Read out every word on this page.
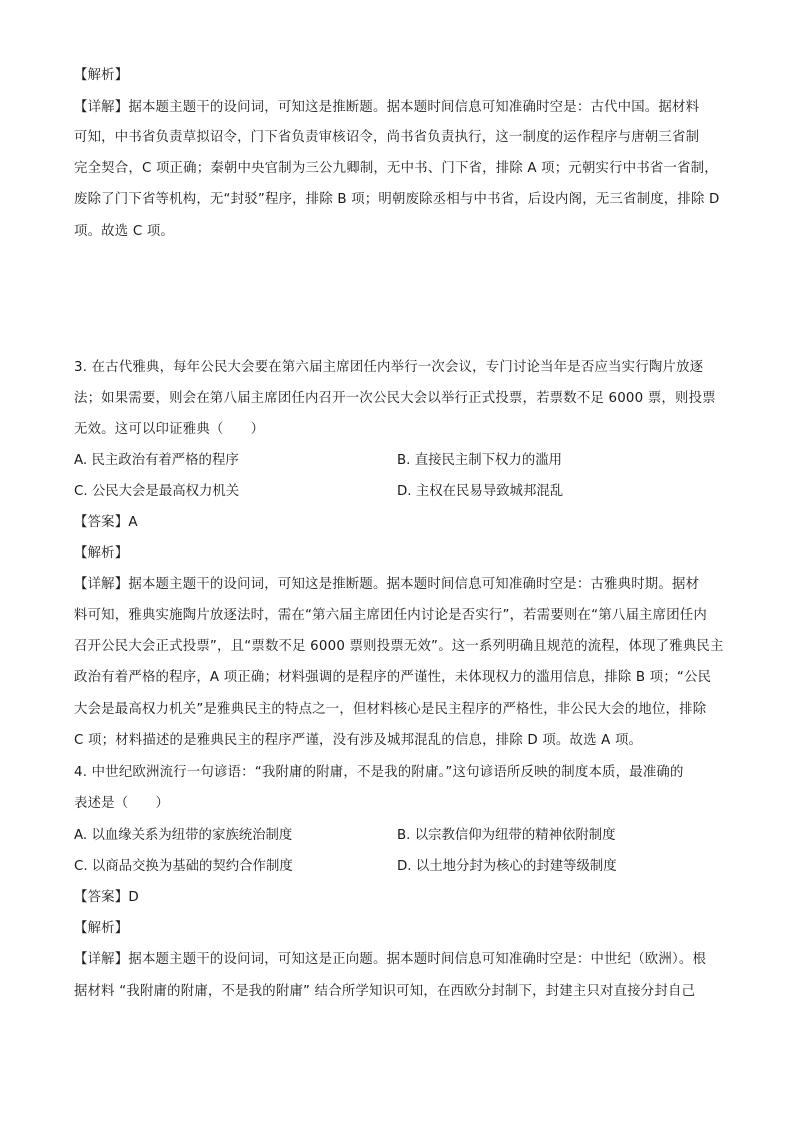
【解析】
【详解】据本题主题干的设问词，可知这是推断题。据本题时间信息可知准确时空是：古代中国。据材料
可知，中书省负责草拟诏令，门下省负责审核诏令，尚书省负责执行，这一制度的运作程序与唐朝三省制
完全契合，C 项正确；秦朝中央官制为三公九卿制，无中书、门下省，排除 A 项；元朝实行中书省一省制，
废除了门下省等机构，无“封驳”程序，排除 B 项；明朝废除丞相与中书省，后设内阁，无三省制度，排除 D
项。故选 C 项。
3. 在古代雅典，每年公民大会要在第六届主席团任内举行一次会议，专门讨论当年是否应当实行陶片放逐
法；如果需要，则会在第八届主席团任内召开一次公民大会以举行正式投票，若票数不足 6000 票，则投票
无效。这可以印证雅典（　　）
A. 民主政治有着严格的程序	B. 直接民主制下权力的滥用
C. 公民大会是最高权力机关	D. 主权在民易导致城邦混乱
【答案】A
【解析】
【详解】据本题主题干的设问词，可知这是推断题。据本题时间信息可知准确时空是：古雅典时期。据材
料可知，雅典实施陶片放逐法时，需在“第六届主席团任内讨论是否实行”，若需要则在“第八届主席团任内
召开公民大会正式投票”，且“票数不足 6000 票则投票无效”。这一系列明确且规范的流程，体现了雅典民主
政治有着严格的程序，A 项正确；材料强调的是程序的严谨性，未体现权力的滥用信息，排除 B 项；“公民
大会是最高权力机关”是雅典民主的特点之一，但材料核心是民主程序的严格性，非公民大会的地位，排除
C 项；材料描述的是雅典民主的程序严谨，没有涉及城邦混乱的信息，排除 D 项。故选 A 项。
4. 中世纪欧洲流行一句谚语：“我附庸的附庸，不是我的附庸。”这句谚语所反映的制度本质，最准确的
表述是（　　）
A. 以血缘关系为纽带的家族统治制度	B. 以宗教信仰为纽带的精神依附制度
C. 以商品交换为基础的契约合作制度	D. 以土地分封为核心的封建等级制度
【答案】D
【解析】
【详解】据本题主题干的设问词，可知这是正向题。据本题时间信息可知准确时空是：中世纪（欧洲）。根
据材料 “我附庸的附庸，不是我的附庸” 结合所学知识可知，在西欧分封制下，封建主只对直接分封自己
